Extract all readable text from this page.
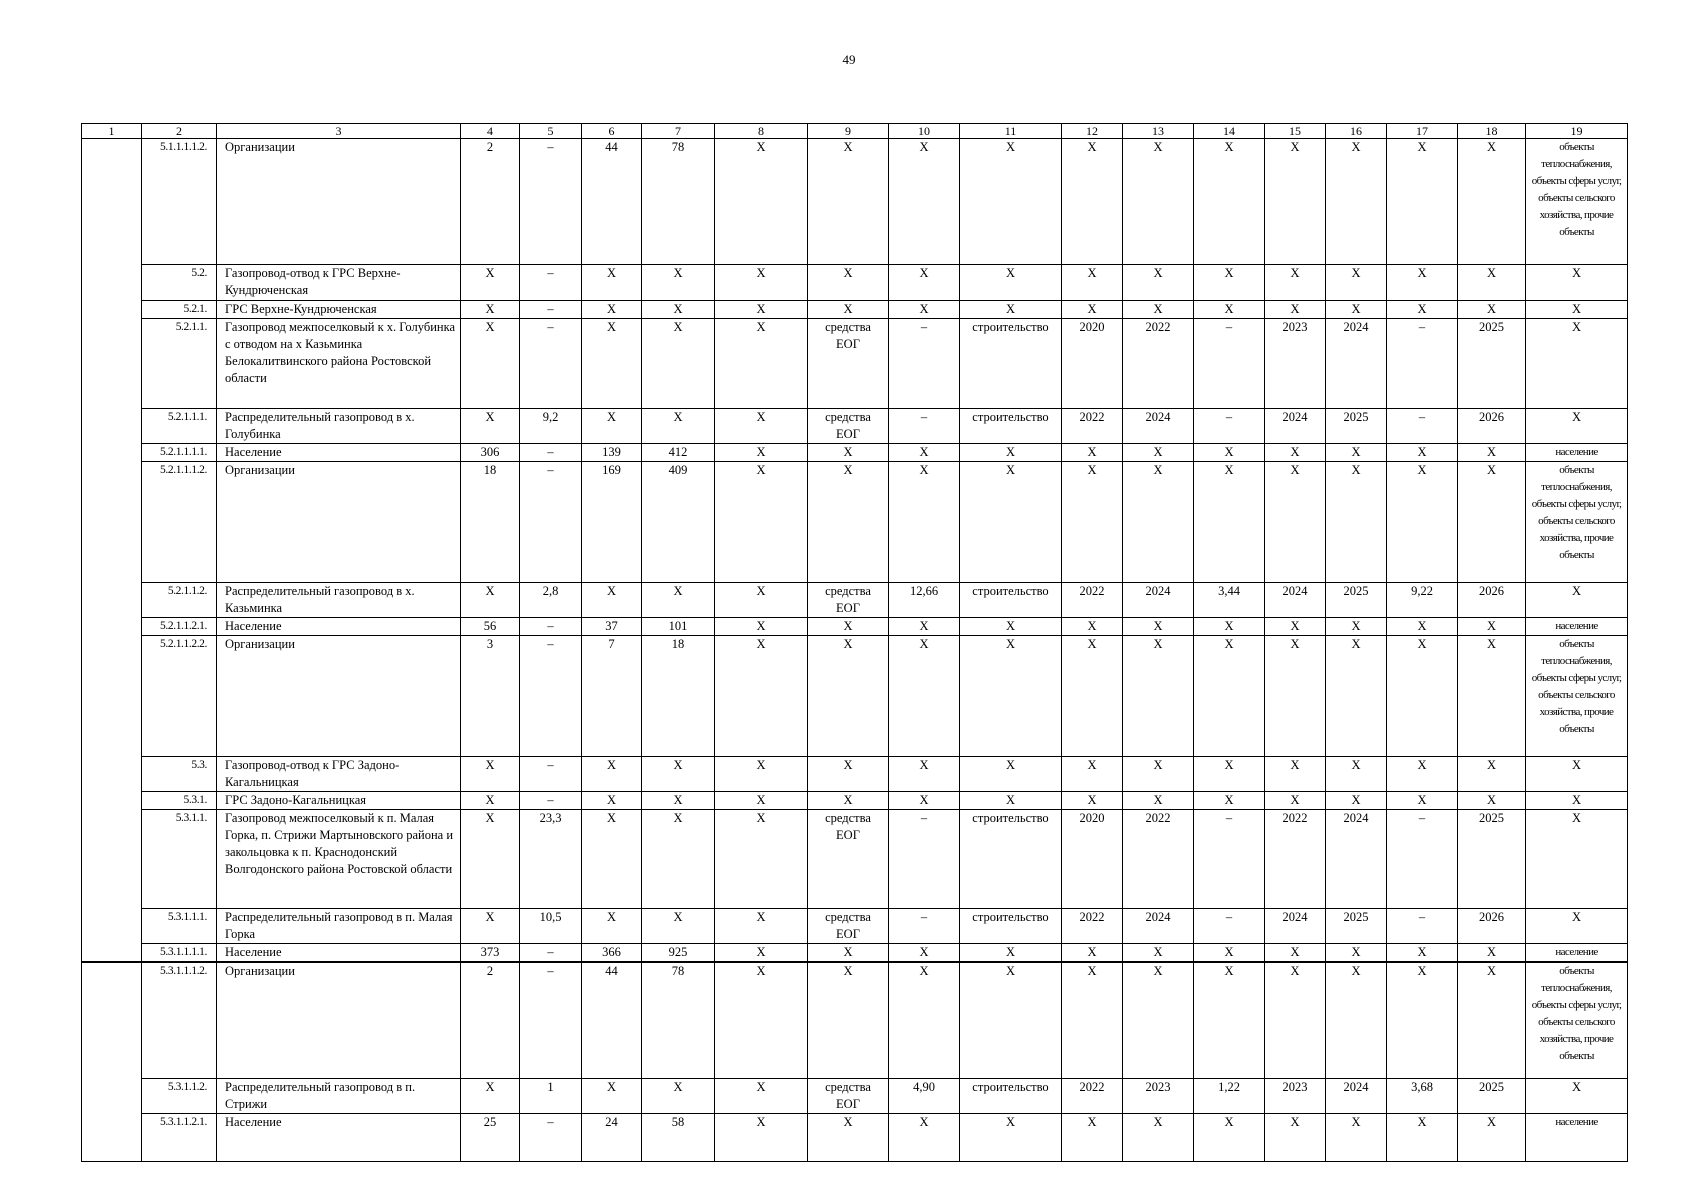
49
1	2	3	4	5	6	7	8	9	10	11	12	13	14	15	16	17	18	19
	5.1.1.1.1.2.	Организации	2	–	44	78	X	X	X	X	X	X	X	X	X	X	X	объекты теплоснабжения, объекты сферы услуг, объекты сельского хозяйства, прочие объекты
	5.2.	Газопровод-отвод к ГРС Верхне-Кундрюченская	X	–	X	X	X	X	X	X	X	X	X	X	X	X	X	X
	5.2.1.	ГРС Верхне-Кундрюченская	X	–	X	X	X	X	X	X	X	X	X	X	X	X	X	X
	5.2.1.1.	Газопровод межпоселковый к х. Голубинка с отводом на х Казьминка Белокалитвинского района Ростовской области	X	–	X	X	X	средства ЕОГ	–	строительство	2020	2022	–	2023	2024	–	2025	X
	5.2.1.1.1.	Распределительный газопровод в х. Голубинка	X	9,2	X	X	X	средства ЕОГ	–	строительство	2022	2024	–	2024	2025	–	2026	X
	5.2.1.1.1.1.	Население	306	–	139	412	X	X	X	X	X	X	X	X	X	X	X	население
	5.2.1.1.1.2.	Организации	18	–	169	409	X	X	X	X	X	X	X	X	X	X	X	объекты теплоснабжения, объекты сферы услуг, объекты сельского хозяйства, прочие объекты
	5.2.1.1.2.	Распределительный газопровод в х. Казьминка	X	2,8	X	X	X	средства ЕОГ	12,66	строительство	2022	2024	3,44	2024	2025	9,22	2026	X
	5.2.1.1.2.1.	Население	56	–	37	101	X	X	X	X	X	X	X	X	X	X	X	население
	5.2.1.1.2.2.	Организации	3	–	7	18	X	X	X	X	X	X	X	X	X	X	X	объекты теплоснабжения, объекты сферы услуг, объекты сельского хозяйства, прочие объекты
	5.3.	Газопровод-отвод к ГРС Задоно-Кагальницкая	X	–	X	X	X	X	X	X	X	X	X	X	X	X	X	X
	5.3.1.	ГРС Задоно-Кагальницкая	X	–	X	X	X	X	X	X	X	X	X	X	X	X	X	X
	5.3.1.1.	Газопровод межпоселковый к п. Малая Горка, п. Стрижи Мартыновского района и закольцовка к п. Краснодонский Волгодонского района Ростовской области	X	23,3	X	X	X	средства ЕОГ	–	строительство	2020	2022	–	2022	2024	–	2025	X
	5.3.1.1.1.	Распределительный газопровод в п. Малая Горка	X	10,5	X	X	X	средства ЕОГ	–	строительство	2022	2024	–	2024	2025	–	2026	X
	5.3.1.1.1.1.	Население	373	–	366	925	X	X	X	X	X	X	X	X	X	X	X	население
	5.3.1.1.1.2.	Организации	2	–	44	78	X	X	X	X	X	X	X	X	X	X	X	объекты теплоснабжения, объекты сферы услуг, объекты сельского хозяйства, прочие объекты
	5.3.1.1.2.	Распределительный газопровод в п. Стрижи	X	1	X	X	X	средства ЕОГ	4,90	строительство	2022	2023	1,22	2023	2024	3,68	2025	X
	5.3.1.1.2.1.	Население	25	–	24	58	X	X	X	X	X	X	X	X	X	X	X	население
